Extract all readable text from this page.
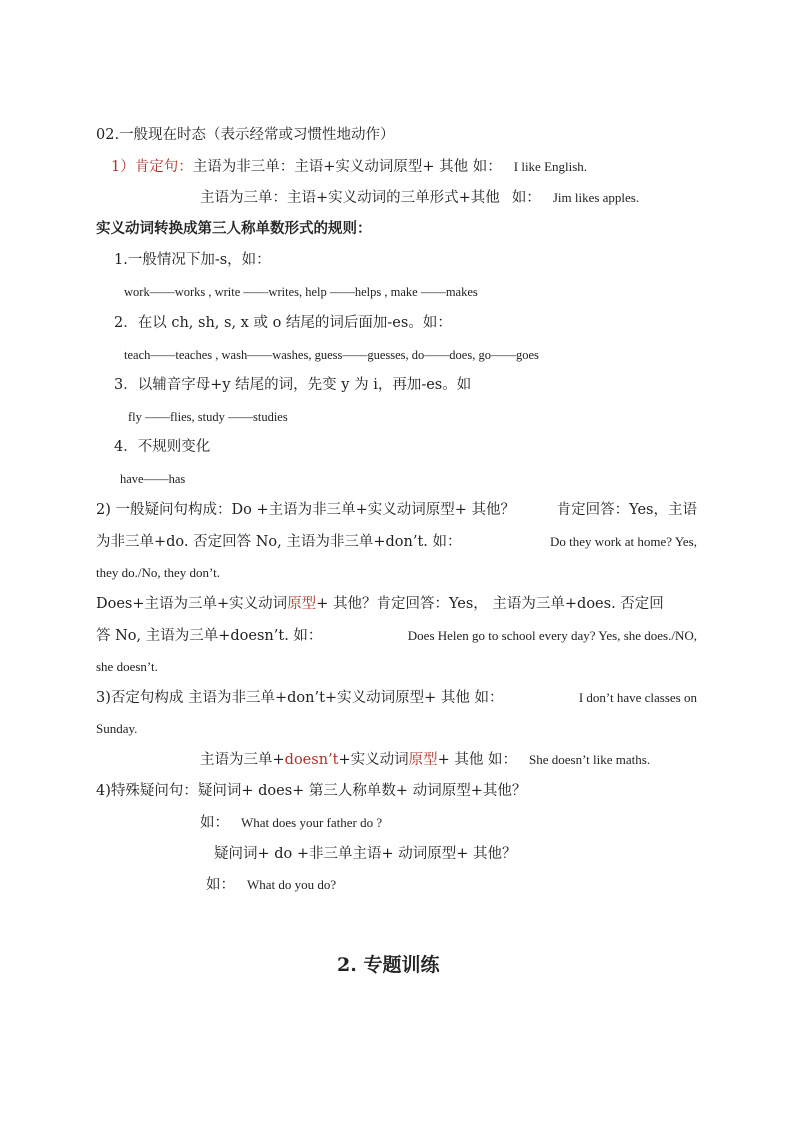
02.一般现在时态（表示经常或习惯性地动作）
1）肯定句：主语为非三单：主语+实义动词原型+ 其他 如： I like English.
主语为三单：主语+实义动词的三单形式+其他 如： Jim likes apples.
实义动词转换成第三人称单数形式的规则：
1.一般情况下加-s，如：
work——works , write ——writes, help ——helps , make ——makes
2．在以 ch, sh, s, x 或 o 结尾的词后面加-es。如：
teach——teaches , wash——washes, guess——guesses, do——does, go——goes
3．以辅音字母+y 结尾的词，先变 y 为 i，再加-es。如
fly ——flies, study ——studies
4．不规则变化
have——has
2) 一般疑问句构成：Do +主语为非三单+实义动词原型+ 其他？	肯定回答：Yes，主语
为非三单+do. 否定回答 No, 主语为非三单+don’t. 如：	Do they work at home? Yes,
they do./No, they don’t.
Does+主语为三单+实义动词原型+ 其他？肯定回答：Yes， 主语为三单+does. 否定回
答 No, 主语为三单+doesn’t. 如：	Does Helen go to school every day? Yes, she does./NO,
she doesn’t.
3)否定句构成 主语为非三单+don’t+实义动词原型+ 其他 如：	I don’t have classes on
Sunday.
主语为三单+doesn’t+实义动词原型+ 其他 如： She doesn’t like maths.
4)特殊疑问句：疑问词+ does+ 第三人称单数+ 动词原型+其他？
如： What does your father do ?
疑问词+ do +非三单主语+ 动词原型+ 其他？
如： What do you do?
2. 专题训练
